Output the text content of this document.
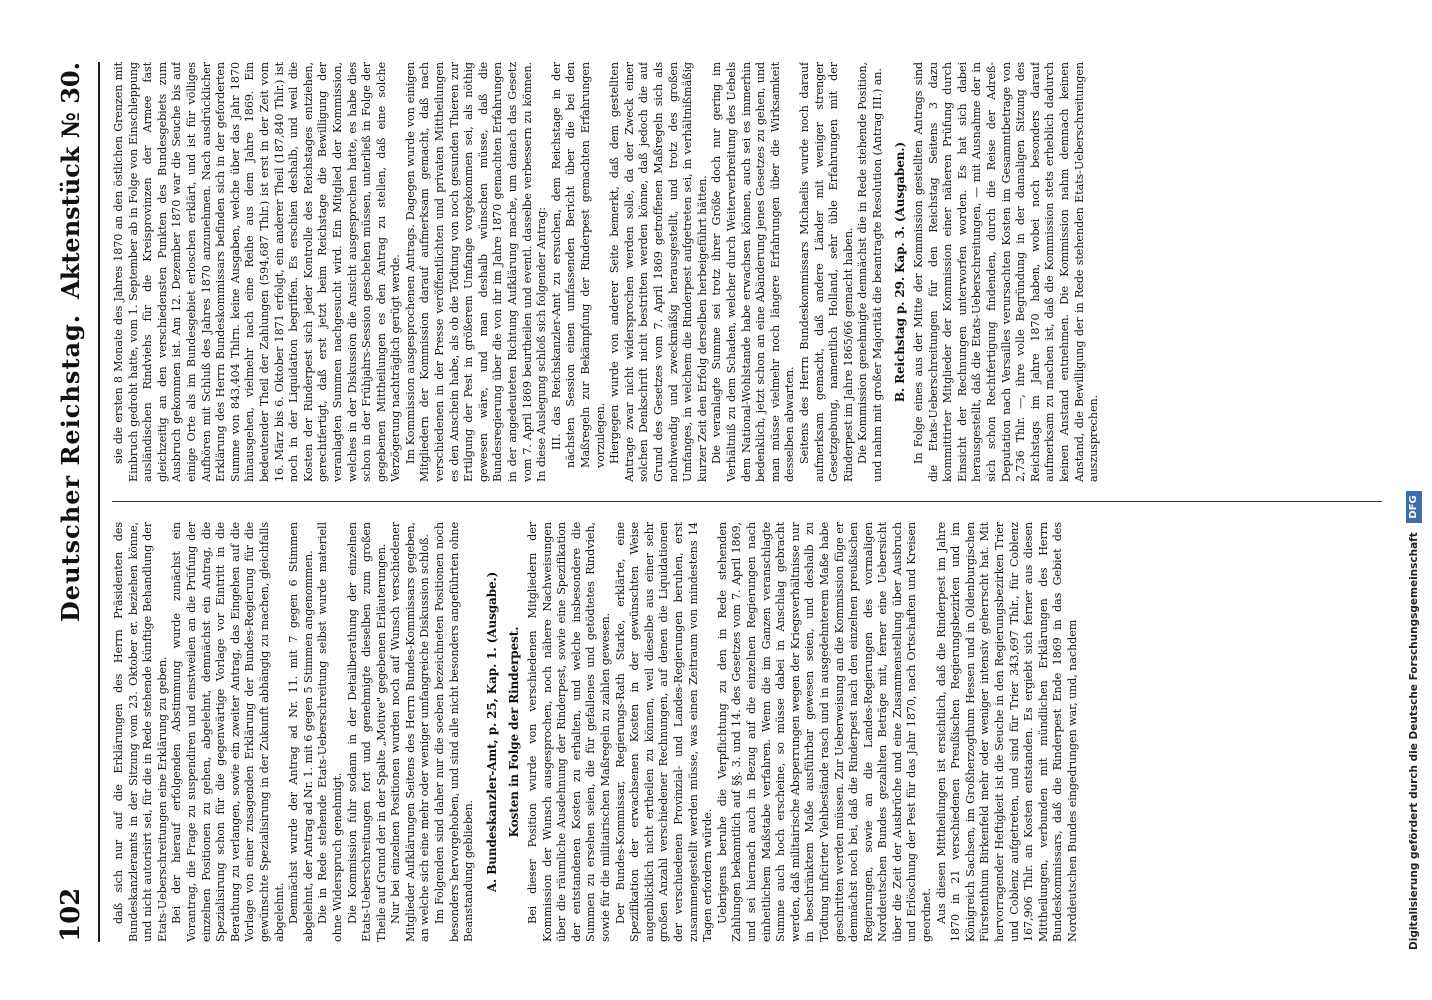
102
Deutscher Reichstag.
Aktenstück № 30.

daß sich nur auf die Erklärungen des Herrn Präsidenten des Bundeskanzleramts in der Sitzung vom 23. Oktober er. beziehen könne, und nicht autorisirt sei, für die in Rede stehende künftige Behandlung der Etats-Ueberschreitungen eine Erklärung zu geben. Bei der hierauf erfolgenden Abstimmung wurde zunächst ein Vorantrag, die Frage zu suspendiren und einstweilen an die Prüfung der einzelnen Positionen zu gehen, abgelehnt, demnächst ein Antrag, die Spezialisirung schon für die gegenwärtige Vorlage vor Eintritt in die Berathung zu verlangen, sowie ein zweiter Antrag, das Eingehen auf die Vorlage von einer zusagenden Erklärung der Bundes-Regierung für die gewünschte Spezialisirung in der Zukunft abhängig zu machen, gleichfalls abgelehnt. Demnächst wurde der Antrag ad Nr. 11. mit 7 gegen 6 Stimmen abgelehnt, der Antrag ad Nr. 1. mit 6 gegen 5 Stimmen angenommen. Die in Rede stehende Etats-Ueberschreitung selbst wurde materiell ohne Widerspruch genehmigt. Die Kommission fuhr sodann in der Detailberathung der einzelnen Etats-Ueberschreitungen fort und genehmigte dieselben zum großen Theile auf Grund der in der Spalte „Motive" gegebenen Erläuterungen. Nur bei einzelnen Positionen wurden noch auf Wunsch verschiedener Mitglieder Aufklärungen Seitens des Herrn Bundes-Kommissars gegeben, an welche sich eine mehr oder weniger umfangreiche Diskussion schloß. Im Folgenden sind daher nur die soeben bezeichneten Positionen noch besonders hervorgehoben, und sind alle nicht besonders angeführten ohne Beanstandung geblieben. A. Bundeskanzler-Amt, p. 25, Kap. 1. (Ausgabe.) Kosten in Folge der Rinderpest. Bei dieser Position wurde von verschiedenen Mitgliedern der Kommission der Wunsch ausgesprochen, noch nähere Nachweisungen über die räumliche Ausdehnung der Rinderpest, sowie eine Spezifikation der entstandenen Kosten zu erhalten, und welche insbesondere die Summen zu ersehen seien, die für gefallenes und getödtetes Rindvieh, sowie für die militairischen Maßregeln zu zahlen gewesen. Der Bundes-Kommissar, Regierungs-Rath Starke, erklärte, eine Spezifikation der erwachsenen Kosten in der gewünschten Weise augenblicklich nicht ertheilen zu können, weil dieselbe aus einer sehr großen Anzahl verschiedener Rechnungen, auf denen die Liquidationen der verschiedenen Provinzial- und Landes-Regierungen beruhen, erst zusammengestellt werden müsse, was einen Zeitraum von mindestens 14 Tagen erfordern würde. Uebrigens beruhe die Verpflichtung zu den in Rede stehenden Zahlungen bekanntlich auf §§. 3. und 14. des Gesetzes vom 7. April 1869, und sei hiernach auch in Bezug auf die einzelnen Regierungen nach einheitlichem Maßstabe verfahren. Wenn die im Ganzen veranschlagte Summe auch hoch erscheine, so müsse dabei in Anschlag gebracht werden, daß militairische Absperrungen wegen der Kriegsverhältnisse nur in beschränktem Maße ausführbar gewesen seien, und deshalb zu Tödtung inficirter Viehbestände rasch und in ausgedehnterem Maße habe geschritten werden müssen. Zur Ueberweisung an die Kommission füge er demnächst noch bei, daß die Rinderpest nach den einzelnen preußischen Regierungen, sowie an die Landes-Regierungen des vormaligen Norddeutschen Bundes gezahlten Beträge mit, ferner eine Uebersicht über die Zeit der Ausbrüche und eine Zusammenstellung über Ausbruch und Erlöschung der Pest für das Jahr 1870, nach Ortschaften und Kreisen geordnet. Aus diesen Mittheilungen ist ersichtlich, daß die Rinderpest im Jahre 1870 in 21 verschiedenen Preußischen Regierungsbezirken und im Königreich Sachsen, im Großherzogthum Hessen und in Oldenburgischen Fürstenthum Birkenfeld mehr oder weniger intensiv geherrscht hat. Mit hervorragender Heftigkeit ist die Seuche in den Regierungsbezirken Trier und Coblenz aufgetreten, und sind für Trier 343,697 Thlr., für Coblenz 167,906 Thlr. an Kosten entstanden. Es ergiebt sich ferner aus diesen Mittheilungen, verbunden mit mündlichen Erklärungen des Herrn Bundeskommissars, daß die Rinderpest Ende 1869 in das Gebiet des Norddeutschen Bundes eingedrungen war, und, nachdem

sie die ersten 8 Monate des Jahres 1870 an den östlichen Grenzen mit Einbruch gedroht hatte, vom 1. September ab in Folge von Einschleppung ausländischen Rindviehs für die Kreisprovinzen der Armee fast gleichzeitig an den verschiedensten Punkten des Bundesgebiets zum Ausbruch gekommen ist. Am 12. Dezember 1870 war die Seuche bis auf einige Orte als im Bundesgebiet erloschen erklärt, und ist für völliges Aufhören mit Schluß des Jahres 1870 anzunehmen. Nach ausdrücklicher Erklärung des Herrn Bundeskommissars befinden sich in der geforderten Summe von 843,404 Thlrn. keine Ausgaben, welche über das Jahr 1870 hinausgehen, vielmehr nach eine Reihe aus dem Jahre 1869. Ein bedeutender Theil der Zahlungen (594,687 Thlr.) ist erst in der Zeit vom 16. März bis 6. Oktober 1871 erfolgt, ein anderer Theil (187,840 Thlr.) ist noch in der Liquidation begriffen. Es erschien deshalb, und weil die Kosten der Rinderpest sich jeder Kontrolle des Reichstages entziehen, gerechtfertigt, daß erst jetzt beim Reichstage die Bewilligung der veranlagten Summen nachgesucht wird. Ein Mitglied der Kommission, welches in der Diskussion die Ansicht ausgesprochen hatte, es habe dies schon in der Frühjahrs-Session geschehen müssen, unterließ in Folge der gegebenen Mittheilungen es den Antrag zu stellen, daß eine solche Verzögerung nachträglich gerügt werde. Im Kommission ausgesprochenen Antrags. Dagegen wurde von einigen Mitgliedern der Kommission darauf aufmerksam gemacht, daß nach verschiedenen in der Presse veröffentlichten und privaten Mittheilungen es den Anschein habe, als ob die Tödtung von noch gesunden Thieren zur Ertilgung der Pest in größerem Umfange vorgekommen sei, als nöthig gewesen wäre, und man deshalb wünschen müsse, daß die Bundesregierung über die von ihr im Jahre 1870 gemachten Erfahrungen in der angedeuteten Richtung Aufklärung mache, um danach das Gesetz vom 7. April 1869 beurtheilen und eventl. dasselbe verbessern zu können. In diese Auslegung schloß sich folgender Antrag: III. das Reichskanzler-Amt zu ersuchen, dem Reichstage in der nächsten Session einen umfassenden Bericht über die bei den Maßregeln zur Bekämpfung der Rinderpest gemachten Erfahrungen vorzulegen. Hiergegen wurde von anderer Seite bemerkt, daß dem gestellten Antrage zwar nicht widersprochen werden solle, da der Zweck einer solchen Denkschrift nicht bestritten werden könne, daß jedoch die auf Grund des Gesetzes vom 7. April 1869 getroffenen Maßregeln sich als nothwendig und zweckmäßig herausgestellt, und trotz des großen Umfanges, in welchem die Rinderpest aufgetreten sei, in verhältnißmäßig kurzer Zeit den Erfolg derselben herbeigeführt hätten. Die veranlagte Summe sei trotz ihrer Größe doch nur gering im Verhältniß zu dem Schaden, welcher durch Weiterverbreitung des Uebels dem National-Wohlstande habe erwachsen können, auch sei es immerhin bedenklich, jetzt schon an eine Abänderung jenes Gesetzes zu gehen, und man müsse vielmehr noch längere Erfahrungen über die Wirksamkeit desselben abwarten. Seitens des Herrn Bundeskommissars Michaelis wurde noch darauf aufmerksam gemacht, daß andere Länder mit weniger strenger Gesetzgebung, namentlich Holland, sehr üble Erfahrungen mit der Rinderpest im Jahre 1865/66 gemacht haben. Die Kommission genehmigte demnächst die in Rede stehende Position, und nahm mit großer Majorität die beantragte Resolution (Antrag III.) an. B. Reichstag p. 29. Kap. 3. (Ausgaben.) In Folge eines aus der Mitte der Kommission gestellten Antrags sind die Etats-Ueberschreitungen für den Reichstag Seitens 3 dazu kommittirter Mitglieder der Kommission einer näheren Prüfung durch Einsicht der Rechnungen unterworfen worden. Es hat sich dabei herausgestellt, daß die Etats-Ueberschreitungen, — mit Ausnahme der in sich schon Rechtfertigung findenden, durch die Reise der Adreß-Deputation nach Versailles verursachten Kosten im Gesammtbetrage von 2,736 Thlr. —, ihre volle Begründung in der damaligen Sitzung des Reichstags im Jahre 1870 haben, wobei noch besonders darauf aufmerksam zu machen ist, daß die Kommission stets erheblich dadurch keinen Anstand entnehmen. Die Kommission nahm demnach keinen Anstand, die Bewilligung der in Rede stehenden Etats-Ueberschreitungen auszusprechen.

Digitalisierung gefördert durch die Deutsche Forschungsgemeinschaft DFG
